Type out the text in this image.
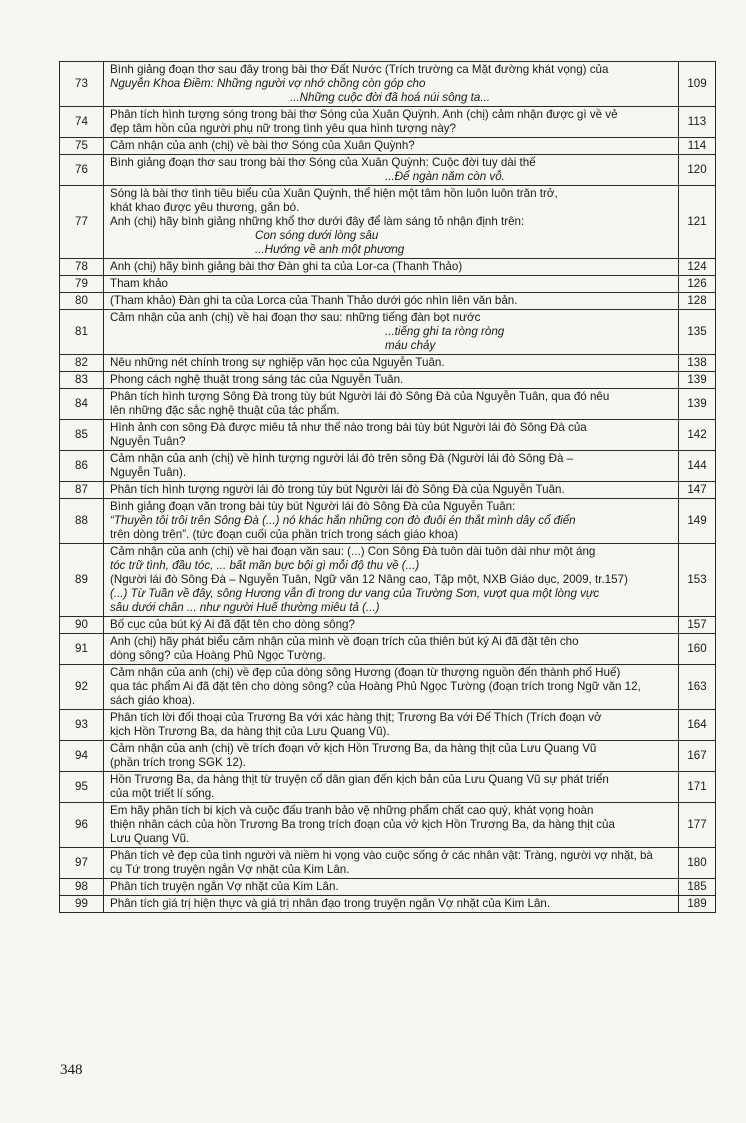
73	Bình giảng đoạn thơ sau đây trong bài thơ Đất Nước (Trích trường ca Mặt đường khát vọng) của
Nguyễn Khoa Điềm: Những người vợ nhớ chồng còn góp cho
...Những cuộc đời đã hoá núi sông ta...	109
74	Phân tích hình tượng sóng trong bài thơ Sóng của Xuân Quỳnh. Anh (chị) cảm nhận được gì về vẻ
đẹp tâm hồn của người phụ nữ trong tình yêu qua hình tượng này?	113
75	Cảm nhận của anh (chị) về bài thơ Sóng của Xuân Quỳnh?	114
76	Bình giảng đoạn thơ sau trong bài thơ Sóng của Xuân Quỳnh: Cuộc đời tuy dài thế
...Để ngàn năm còn vỗ.	120
77	Sóng là bài thơ tình tiêu biểu của Xuân Quỳnh, thể hiện một tâm hồn luôn luôn trăn trở,
khát khao được yêu thương, gắn bó.
Anh (chị) hãy bình giảng những khổ thơ dưới đây để làm sáng tỏ nhận định trên:
Con sóng dưới lòng sâu
...Hướng về anh một phương	121
78	Anh (chị) hãy bình giảng bài thơ Đàn ghi ta của Lor-ca (Thanh Thảo)	124
79	Tham khảo	126
80	(Tham khảo) Đàn ghi ta của Lorca của Thanh Thảo dưới góc nhìn liên văn bản.	128
81	Cảm nhận của anh (chị) về hai đoạn thơ sau: những tiếng đàn bọt nước
...tiếng ghi ta ròng ròng
máu chảy	135
82	Nêu những nét chính trong sự nghiệp văn học của Nguyễn Tuân.	138
83	Phong cách nghệ thuật trong sáng tác của Nguyễn Tuân.	139
84	Phân tích hình tượng Sông Đà trong tùy bút Người lái đò Sông Đà của Nguyễn Tuân, qua đó nêu
lên những đặc sắc nghệ thuật của tác phẩm.	139
85	Hình ảnh con sông Đà được miêu tả như thế nào trong bài tùy bút Người lái đò Sông Đà của
Nguyễn Tuân?	142
86	Cảm nhận của anh (chị) về hình tượng người lái đò trên sông Đà (Người lái đò Sông Đà –
Nguyễn Tuân).	144
87	Phân tích hình tượng người lái đò trong tùy bút Người lái đò Sông Đà của Nguyễn Tuân.	147
88	Bình giảng đoạn văn trong bài tùy bút Người lái đò Sông Đà của Nguyễn Tuân:
“Thuyền tôi trôi trên Sông Đà (...) nó khác hẳn những con đò đuôi én thắt mình dây cổ điển
trên dòng trên”. (tức đoạn cuối của phần trích trong sách giáo khoa)	149
89	Cảm nhận của anh (chị) về hai đoạn văn sau: (...) Con Sông Đà tuôn dài tuôn dài như một áng
tóc trữ tình, đầu tóc, ... bất mãn bực bội gì mỗi độ thu về (...)
(Người lái đò Sông Đà – Nguyễn Tuân, Ngữ văn 12 Nâng cao, Tập một, NXB Giáo dục, 2009, tr.157)
(...) Từ Tuần về đây, sông Hương vẫn đi trong dư vang của Trường Sơn, vượt qua một lòng vực
sâu dưới chân ... như người Huế thường miêu tả (...)	153
90	Bố cục của bút ký Ai đã đặt tên cho dòng sông?	157
91	Anh (chị) hãy phát biểu cảm nhận của mình về đoạn trích của thiên bút ký Ai đã đặt tên cho
dòng sông? của Hoàng Phủ Ngọc Tường.	160
92	Cảm nhận của anh (chị) về đẹp của dòng sông Hương (đoạn từ thượng nguồn đến thành phố Huế)
qua tác phẩm Ai đã đặt tên cho dòng sông? của Hoàng Phủ Ngọc Tường (đoạn trích trong Ngữ văn 12,
sách giáo khoa).	163
93	Phân tích lời đối thoại của Trương Ba với xác hàng thịt; Trương Ba với Đế Thích (Trích đoạn vở
kịch Hồn Trương Ba, da hàng thịt của Lưu Quang Vũ).	164
94	Cảm nhận của anh (chị) về trích đoạn vở kịch Hồn Trương Ba, da hàng thịt của Lưu Quang Vũ
(phần trích trong SGK 12).	167
95	Hồn Trương Ba, da hàng thịt từ truyện cổ dân gian đến kịch bản của Lưu Quang Vũ sự phát triển
của một triết lí sống.	171
96	Em hãy phân tích bi kịch và cuộc đấu tranh bảo vệ những phẩm chất cao quý, khát vọng hoàn
thiện nhân cách của hồn Trương Ba trong trích đoạn của vở kịch Hồn Trương Ba, da hàng thịt của
Lưu Quang Vũ.	177
97	Phân tích vẻ đẹp của tình người và niềm hi vọng vào cuộc sống ở các nhân vật: Tràng, người vợ nhặt, bà
cụ Tứ trong truyện ngắn Vợ nhặt của Kim Lân.	180
98	Phân tích truyện ngắn Vợ nhặt của Kim Lân.	185
99	Phân tích giá trị hiện thực và giá trị nhân đạo trong truyện ngắn Vợ nhặt của Kim Lân.	189
348
